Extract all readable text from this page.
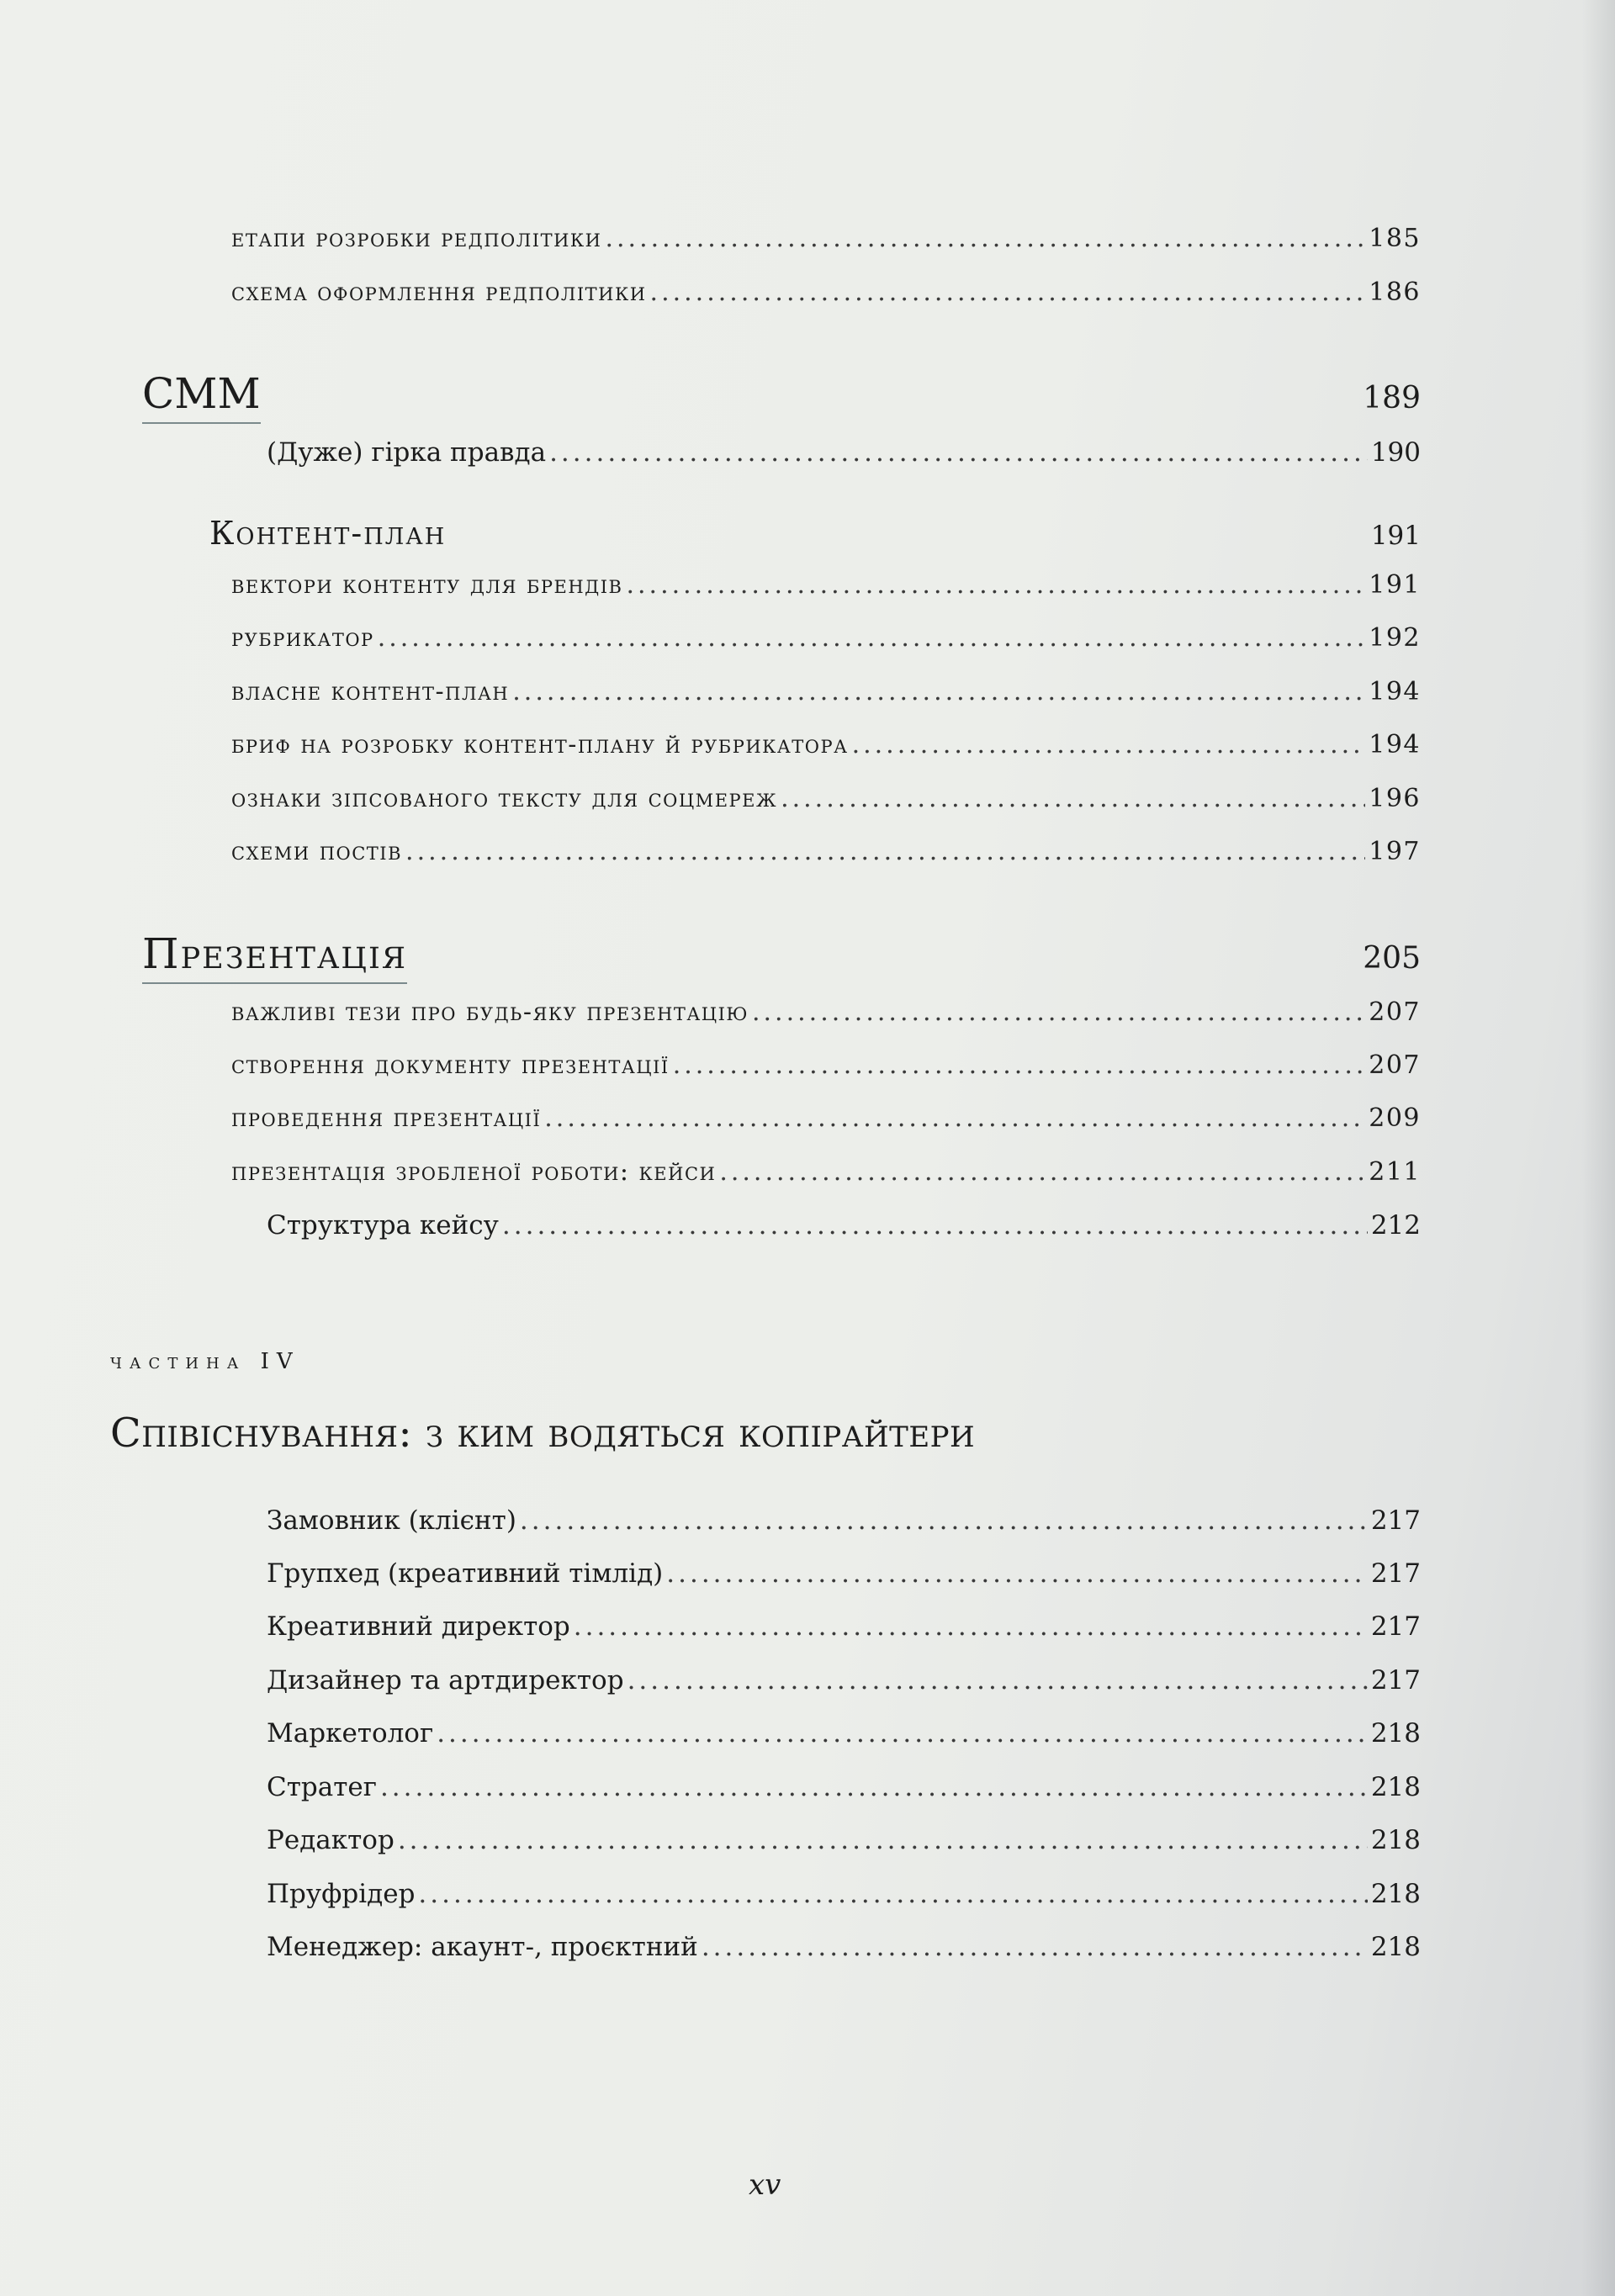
етапи розробки редполітики .....	185
схема оформлення редполітики .....	186
СММ	189
(Дуже) гірка правда .....	190
Контент-план	191
вектори контенту для брендів .....	191
рубрикатор .....	192
власне контент-план .....	194
бриф на розробку контент-плану й рубрикатора .....	194
ознаки зіпсованого тексту для соцмереж .....	196
схеми постів .....	197
Презентація	205
важливі тези про будь-яку презентацію .....	207
створення документу презентації .....	207
проведення презентації .....	209
презентація зробленої роботи: кейси .....	211
Структура кейсу .....	212
частина IV
Співіснування: з ким водяться копірайтери
Замовник (клієнт) .....	217
Групхед (креативний тімлід) .....	217
Креативний директор .....	217
Дизайнер та артдиректор .....	217
Маркетолог .....	218
Стратег .....	218
Редактор .....	218
Пруфрідер .....	218
Менеджер: акаунт-, проєктний .....	218
xv
